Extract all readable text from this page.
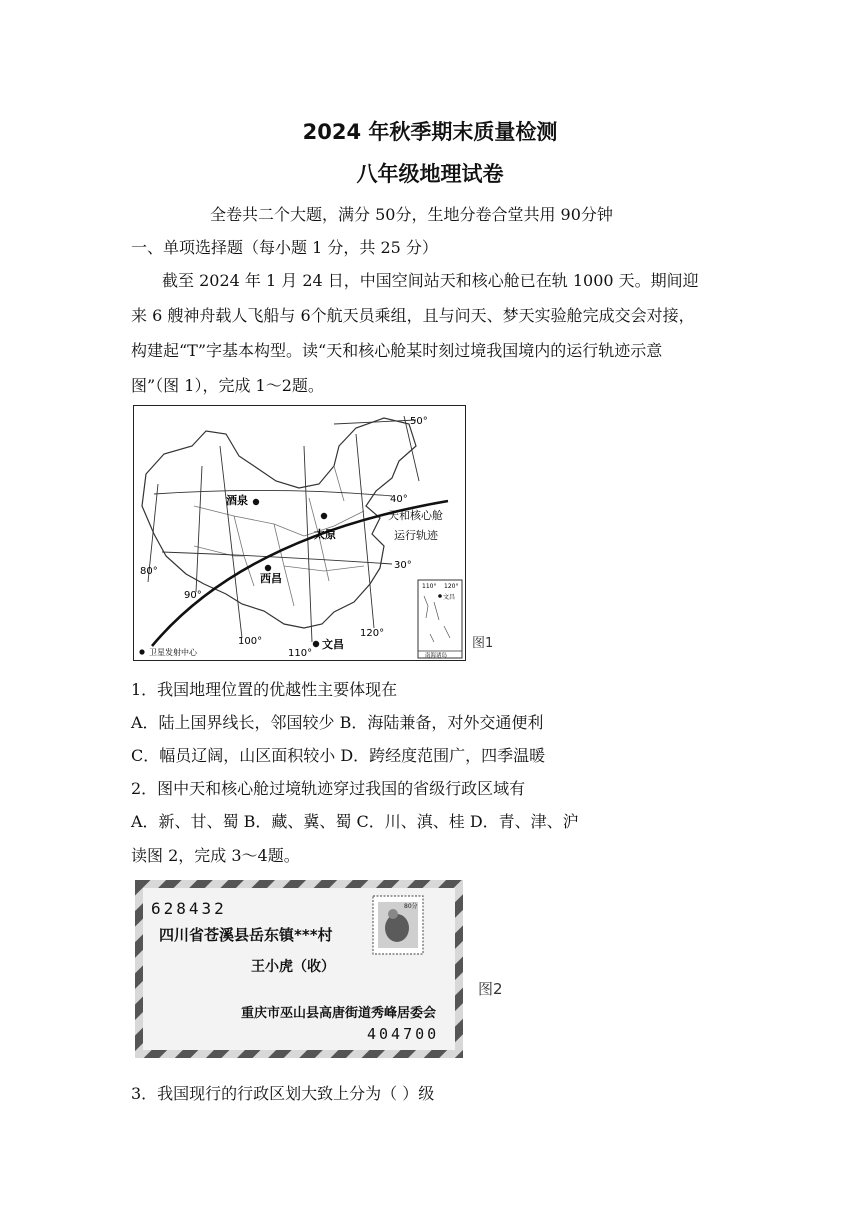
2024 年秋季期末质量检测
八年级地理试卷
全卷共二个大题，满分 50分，生地分卷合堂共用 90分钟
一、单项选择题（每小题 1 分，共 25 分）
截至 2024 年 1 月 24 日，中国空间站天和核心舱已在轨 1000 天。期间迎
来 6 艘神舟载人飞船与 6个航天员乘组，且与问天、梦天实验舱完成交会对接，
构建起“T”字基本构型。读“天和核心舱某时刻过境我国境内的运行轨迹示意
图”（图 1），完成 1～2题。
50°
40°
30°
80°
90°
100°
110°
120°
酒泉
太原
西昌
文昌
天和核心舱
运行轨迹
卫星发射中心
110° 120°
文昌
南海诸岛
图1
1．我国地理位置的优越性主要体现在
A．陆上国界线长，邻国较少 B．海陆兼备，对外交通便利
C．幅员辽阔，山区面积较小 D．跨经度范围广，四季温暖
2．图中天和核心舱过境轨迹穿过我国的省级行政区域有
A．新、甘、蜀 B．藏、冀、蜀 C．川、滇、桂 D．青、津、沪
读图 2，完成 3～4题。
80分
628432
四川省苍溪县岳东镇***村
王小虎（收）
重庆市巫山县高唐街道秀峰居委会
404700
图2
3．我国现行的行政区划大致上分为（ ）级
